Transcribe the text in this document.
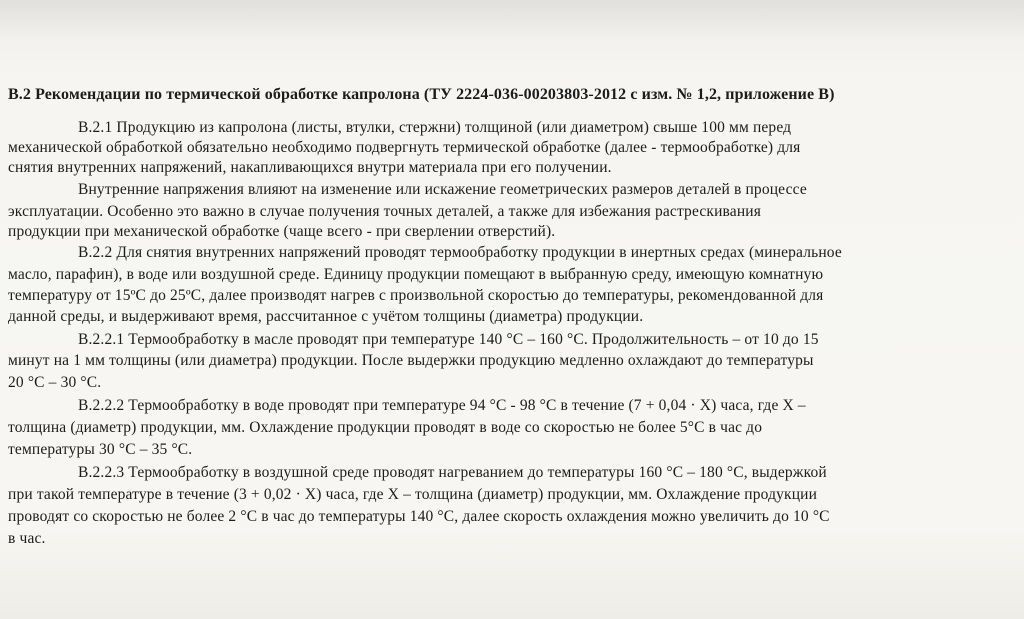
В.2 Рекомендации по термической обработке капролона (ТУ 2224-036-00203803-2012 с изм. № 1,2, приложение В)
В.2.1 Продукцию из капролона (листы, втулки, стержни) толщиной (или диаметром) свыше 100 мм перед
механической обработкой обязательно необходимо подвергнуть термической обработке (далее - термообработке) для
снятия внутренних напряжений, накапливающихся внутри материала при его получении.
Внутренние напряжения влияют на изменение или искажение геометрических размеров деталей в процессе
эксплуатации. Особенно это важно в случае получения точных деталей, а также для избежания растрескивания
продукции при механической обработке (чаще всего - при сверлении отверстий).
В.2.2 Для снятия внутренних напряжений проводят термообработку продукции в инертных средах (минеральное
масло, парафин), в воде или воздушной среде. Единицу продукции помещают в выбранную среду, имеющую комнатную
температуру от 15ºС до 25ºС, далее производят нагрев с произвольной скоростью до температуры, рекомендованной для
данной среды, и выдерживают время, рассчитанное с учётом толщины (диаметра) продукции.
В.2.2.1 Термообработку в масле проводят при температуре 140 °С – 160 °С. Продолжительность – от 10 до 15
минут на 1 мм толщины (или диаметра) продукции. После выдержки продукцию медленно охлаждают до температуры
20 °С – 30 °С.
В.2.2.2 Термообработку в воде проводят при температуре 94 °С - 98 °С в течение (7 + 0,04 · X) часа, где X –
толщина (диаметр) продукции, мм. Охлаждение продукции проводят в воде со скоростью не более 5°С в час до
температуры 30 °С – 35 °С.
В.2.2.3 Термообработку в воздушной среде проводят нагреванием до температуры 160 °С – 180 °С, выдержкой
при такой температуре в течение (3 + 0,02 · X) часа, где X – толщина (диаметр) продукции, мм. Охлаждение продукции
проводят со скоростью не более 2 °С в час до температуры 140 °С, далее скорость охлаждения можно увеличить до 10 °С
в час.
